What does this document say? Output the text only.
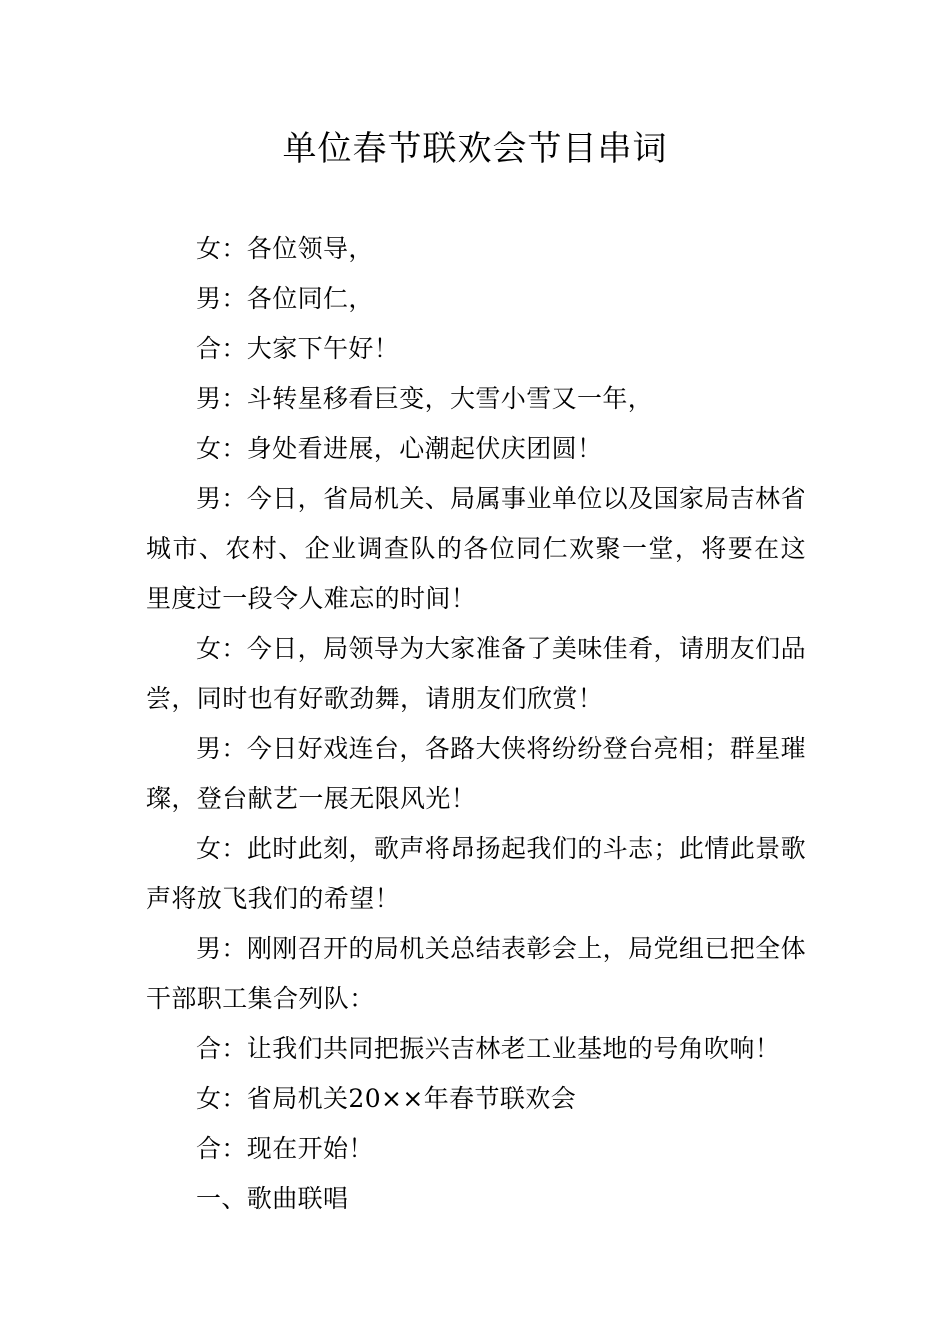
单位春节联欢会节目串词

女：各位领导，

男：各位同仁，

合：大家下午好！

男：斗转星移看巨变，大雪小雪又一年，

女：身处看进展，心潮起伏庆团圆！

男：今日，省局机关、局属事业单位以及国家局吉林省城市、农村、企业调查队的各位同仁欢聚一堂，将要在这里度过一段令人难忘的时间！

女：今日，局领导为大家准备了美味佳肴，请朋友们品尝，同时也有好歌劲舞，请朋友们欣赏！

男：今日好戏连台，各路大侠将纷纷登台亮相；群星璀璨，登台献艺一展无限风光！

女：此时此刻，歌声将昂扬起我们的斗志；此情此景歌声将放飞我们的希望！

男：刚刚召开的局机关总结表彰会上，局党组已把全体干部职工集合列队：

合：让我们共同把振兴吉林老工业基地的号角吹响！

女：省局机关20××年春节联欢会

合：现在开始！

一、歌曲联唱
